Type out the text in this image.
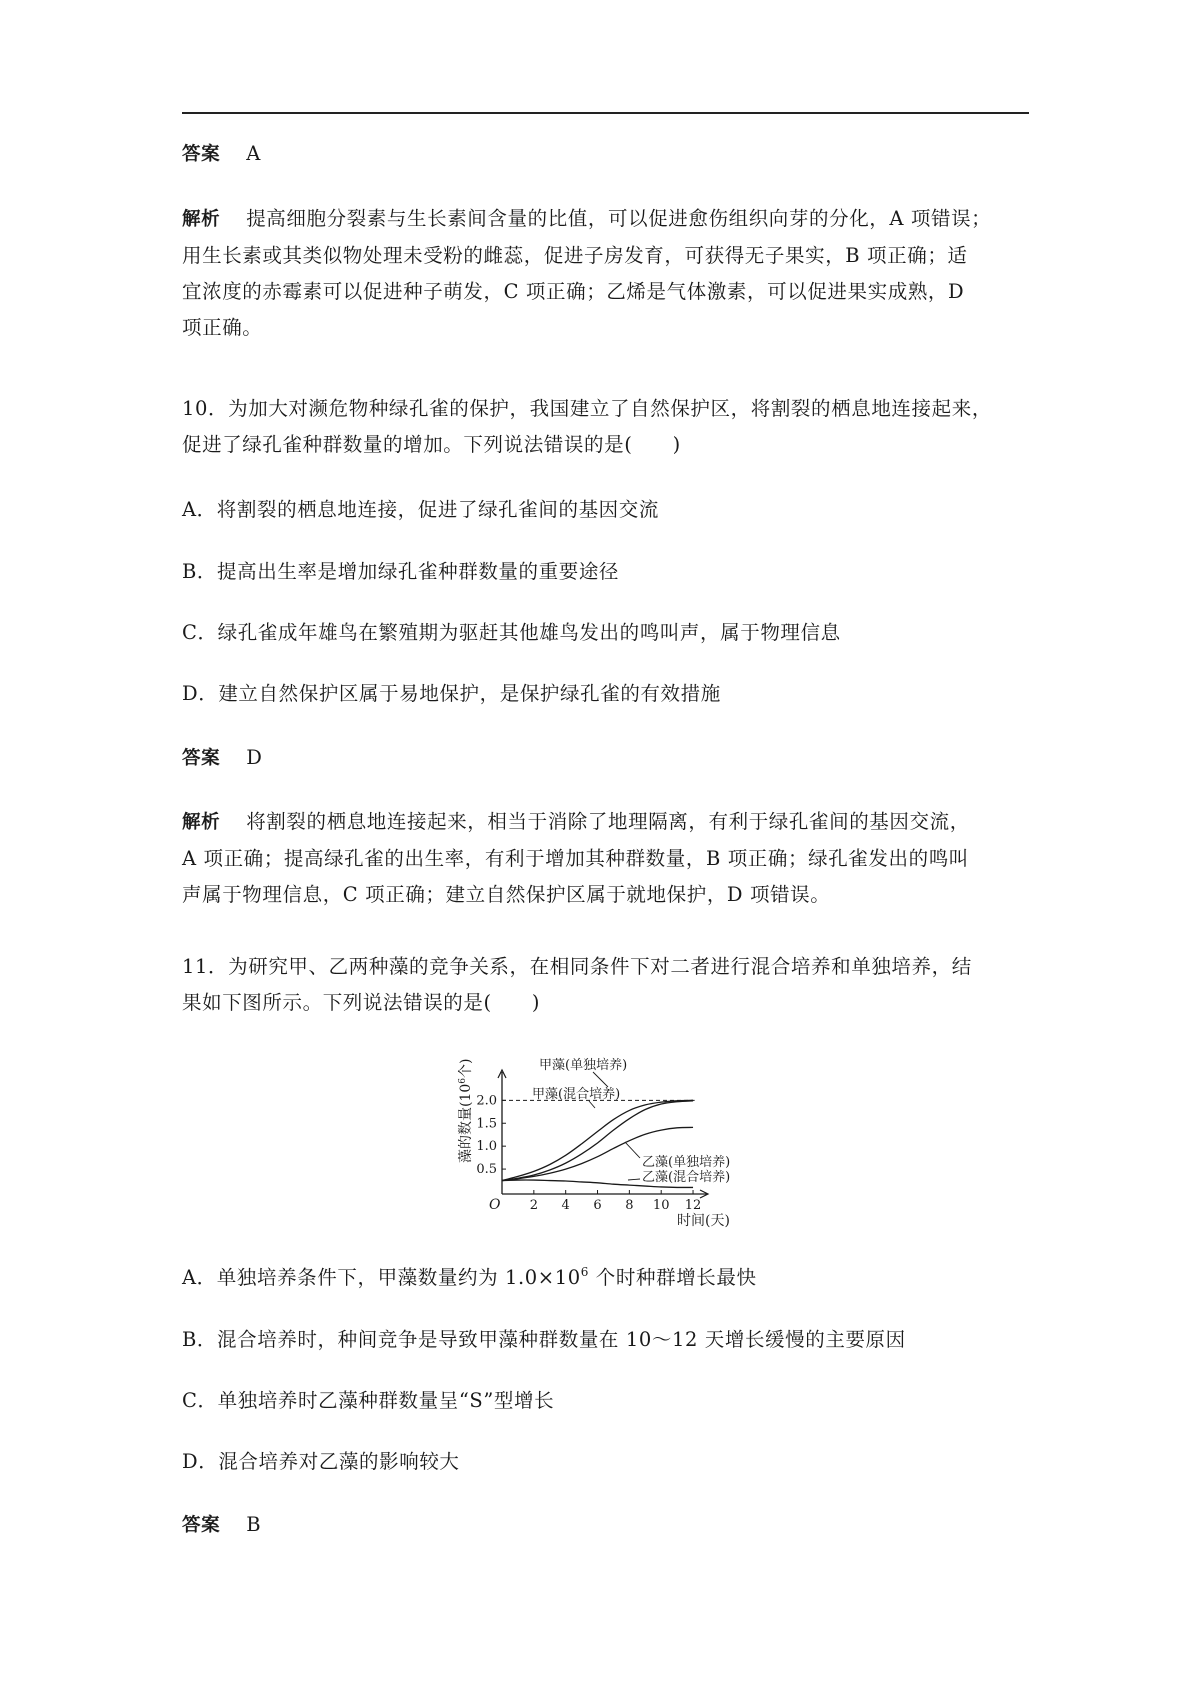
答案 A
解析 提高细胞分裂素与生长素间含量的比值，可以促进愈伤组织向芽的分化，A 项错误；
用生长素或其类似物处理未受粉的雌蕊，促进子房发育，可获得无子果实，B 项正确；适
宜浓度的赤霉素可以促进种子萌发，C 项正确；乙烯是气体激素，可以促进果实成熟，D
项正确。
10．为加大对濒危物种绿孔雀的保护，我国建立了自然保护区，将割裂的栖息地连接起来，
促进了绿孔雀种群数量的增加。下列说法错误的是(　　)
A．将割裂的栖息地连接，促进了绿孔雀间的基因交流
B．提高出生率是增加绿孔雀种群数量的重要途径
C．绿孔雀成年雄鸟在繁殖期为驱赶其他雄鸟发出的鸣叫声，属于物理信息
D．建立自然保护区属于易地保护，是保护绿孔雀的有效措施
答案 D
解析 将割裂的栖息地连接起来，相当于消除了地理隔离，有利于绿孔雀间的基因交流，
A 项正确；提高绿孔雀的出生率，有利于增加其种群数量，B 项正确；绿孔雀发出的鸣叫
声属于物理信息，C 项正确；建立自然保护区属于就地保护，D 项错误。
11．为研究甲、乙两种藻的竞争关系，在相同条件下对二者进行混合培养和单独培养，结
果如下图所示。下列说法错误的是(　　)
藻的数量($10^6$个)
O 2 4 6 8 10 12
0.5
1.0
1.5
2.0
时间(天)
甲藻(单独培养)
甲藻(混合培养)
乙藻(单独培养)
乙藻(混合培养)
A．单独培养条件下，甲藻数量约为 $1.0\times 10^6$ 个时种群增长最快
B．混合培养时，种间竞争是导致甲藻种群数量在 10～12 天增长缓慢的主要原因
C．单独培养时乙藻种群数量呈“S”型增长
D．混合培养对乙藻的影响较大
答案 B
